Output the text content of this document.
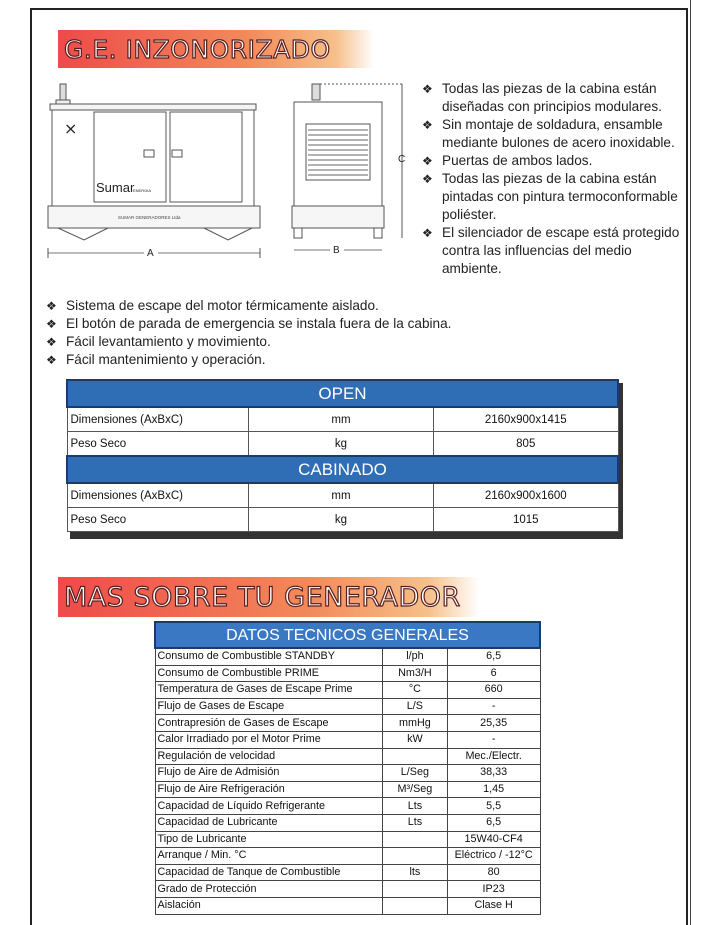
G.E. INZONORIZADO
⨯
Sumar
ENERGIA
SUMAR GENERADORES Ltda
A	B
C
❖ Todas las piezas de la cabina están diseñadas con principios modulares.
❖ Sin montaje de soldadura, ensamble mediante bulones de acero inoxidable.
❖ Puertas de ambos lados.
❖ Todas las piezas de la cabina están pintadas con pintura termoconformable poliéster.
❖ El silenciador de escape está protegido contra las influencias del medio ambiente.
❖ Sistema de escape del motor térmicamente aislado.
❖ El botón de parada de emergencia se instala fuera de la cabina.
❖ Fácil levantamiento y movimiento.
❖ Fácil mantenimiento y operación.
OPEN		
Dimensiones (AxBxC)	mm	2160x900x1415
Peso Seco	kg	805
CABINADO		
Dimensiones (AxBxC)	mm	2160x900x1600
Peso Seco	kg	1015
MAS SOBRE TU GENERADOR
DATOS TECNICOS GENERALES		
Consumo de Combustible STANDBY	l/ph	6,5
Consumo de Combustible PRIME	Nm3/H	6
Temperatura de Gases de Escape Prime	°C	660
Flujo de Gases de Escape	L/S	-
Contrapresión de Gases de Escape	mmHg	25,35
Calor Irradiado por el Motor Prime	kW	-
Regulación de velocidad		Mec./Electr.
Flujo de Aire de Admisión	L/Seg	38,33
Flujo de Aire Refrigeración	M³/Seg	1,45
Capacidad de Líquido Refrigerante	Lts	5,5
Capacidad de Lubricante	Lts	6,5
Tipo de Lubricante		15W40-CF4
Arranque / Min. °C		Eléctrico / -12°C
Capacidad de Tanque de Combustible	lts	80
Grado de Protección		IP23
Aislación		Clase H
